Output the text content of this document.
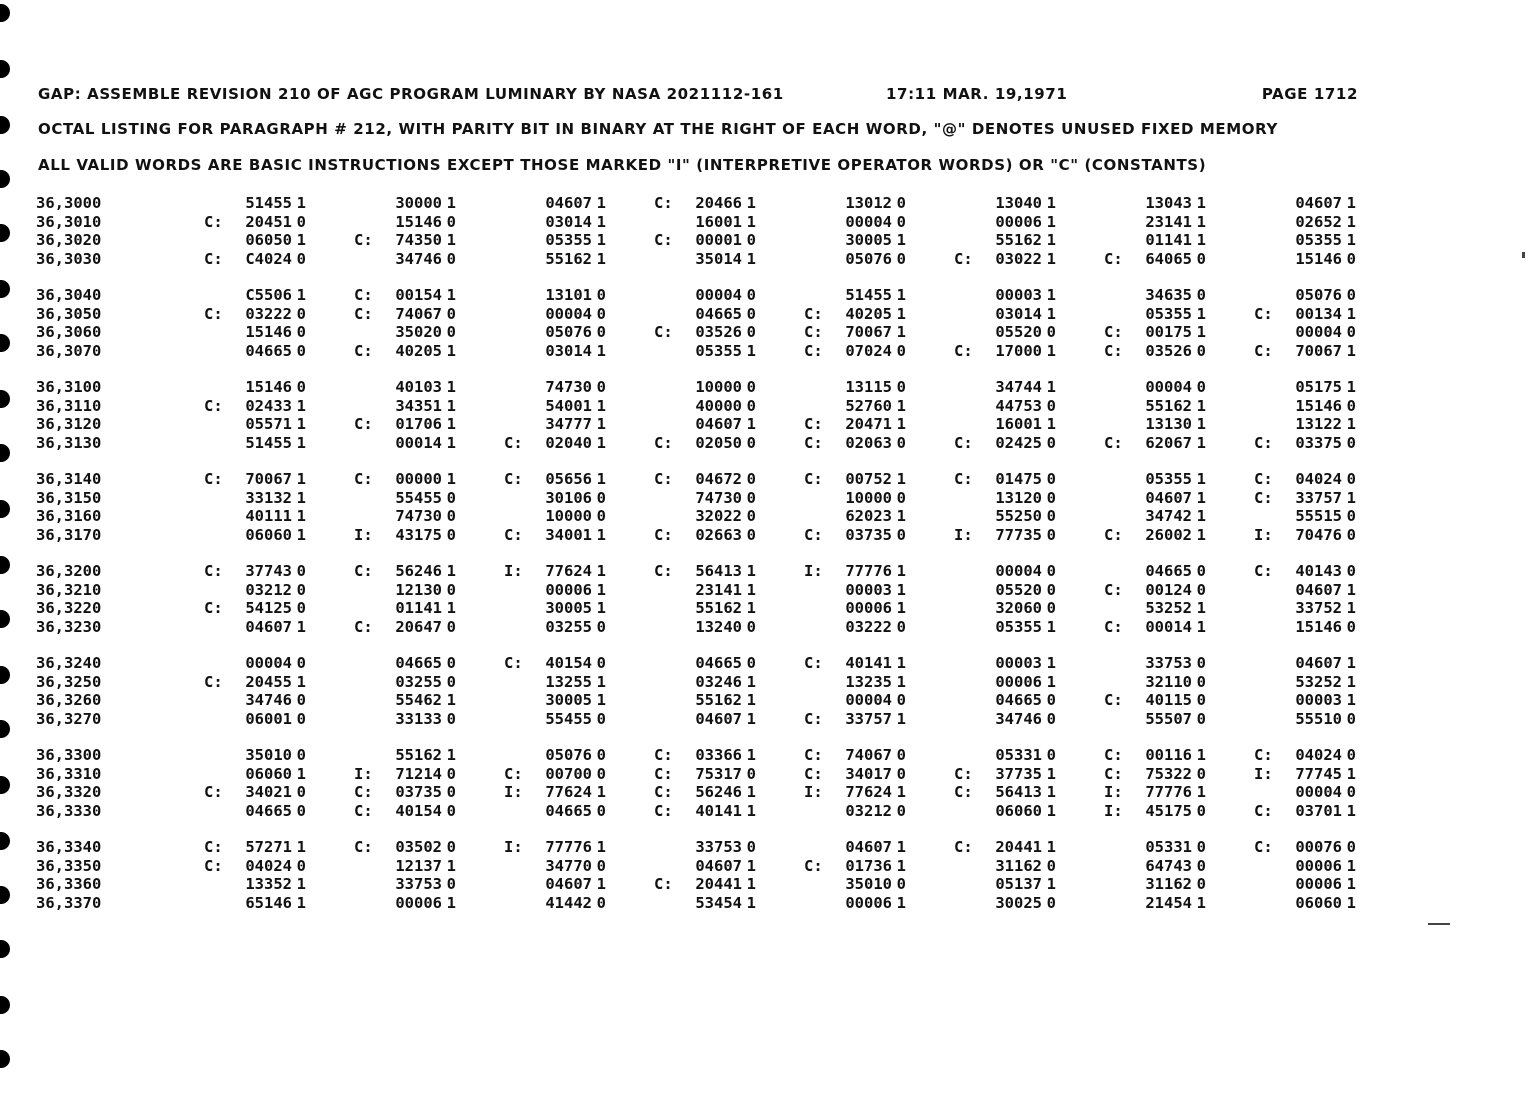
GAP: ASSEMBLE REVISION 210 OF AGC PROGRAM LUMINARY BY NASA 2021112-161	17:11 MAR. 19,1971	PAGE 1712
OCTAL LISTING FOR PARAGRAPH # 212, WITH PARITY BIT IN BINARY AT THE RIGHT OF EACH WORD, "@" DENOTES UNUSED FIXED MEMORY
ALL VALID WORDS ARE BASIC INSTRUCTIONS EXCEPT THOSE MARKED "I" (INTERPRETIVE OPERATOR WORDS) OR "C" (CONSTANTS)
36,3000	51455 1	30000 1	04607 1	C:	20466 1	13012 0	13040 1	13043 1	04607 1
36,3010	C:	20451 0	15146 0	03014 1	16001 1	00004 0	00006 1	23141 1	02652 1
36,3020	06050 1	C:	74350 1	05355 1	C:	00001 0	30005 1	55162 1	01141 1	05355 1
36,3030	C:	C4024 0	34746 0	55162 1	35014 1	05076 0	C:	03022 1	C:	64065 0	15146 0
36,3040	C5506 1	C:	00154 1	13101 0	00004 0	51455 1	00003 1	34635 0	05076 0
36,3050	C:	03222 0	C:	74067 0	00004 0	04665 0	C:	40205 1	03014 1	05355 1	C:	00134 1
36,3060	15146 0	35020 0	05076 0	C:	03526 0	C:	70067 1	05520 0	C:	00175 1	00004 0
36,3070	04665 0	C:	40205 1	03014 1	05355 1	C:	07024 0	C:	17000 1	C:	03526 0	C:	70067 1
36,3100	15146 0	40103 1	74730 0	10000 0	13115 0	34744 1	00004 0	05175 1
36,3110	C:	02433 1	34351 1	54001 1	40000 0	52760 1	44753 0	55162 1	15146 0
36,3120	05571 1	C:	01706 1	34777 1	04607 1	C:	20471 1	16001 1	13130 1	13122 1
36,3130	51455 1	00014 1	C:	02040 1	C:	02050 0	C:	02063 0	C:	02425 0	C:	62067 1	C:	03375 0
36,3140	C:	70067 1	C:	00000 1	C:	05656 1	C:	04672 0	C:	00752 1	C:	01475 0	05355 1	C:	04024 0
36,3150	33132 1	55455 0	30106 0	74730 0	10000 0	13120 0	04607 1	C:	33757 1
36,3160	40111 1	74730 0	10000 0	32022 0	62023 1	55250 0	34742 1	55515 0
36,3170	06060 1	I:	43175 0	C:	34001 1	C:	02663 0	C:	03735 0	I:	77735 0	C:	26002 1	I:	70476 0
36,3200	C:	37743 0	C:	56246 1	I:	77624 1	C:	56413 1	I:	77776 1	00004 0	04665 0	C:	40143 0
36,3210	03212 0	12130 0	00006 1	23141 1	00003 1	05520 0	C:	00124 0	04607 1
36,3220	C:	54125 0	01141 1	30005 1	55162 1	00006 1	32060 0	53252 1	33752 1
36,3230	04607 1	C:	20647 0	03255 0	13240 0	03222 0	05355 1	C:	00014 1	15146 0
36,3240	00004 0	04665 0	C:	40154 0	04665 0	C:	40141 1	00003 1	33753 0	04607 1
36,3250	C:	20455 1	03255 0	13255 1	03246 1	13235 1	00006 1	32110 0	53252 1
36,3260	34746 0	55462 1	30005 1	55162 1	00004 0	04665 0	C:	40115 0	00003 1
36,3270	06001 0	33133 0	55455 0	04607 1	C:	33757 1	34746 0	55507 0	55510 0
36,3300	35010 0	55162 1	05076 0	C:	03366 1	C:	74067 0	05331 0	C:	00116 1	C:	04024 0
36,3310	06060 1	I:	71214 0	C:	00700 0	C:	75317 0	C:	34017 0	C:	37735 1	C:	75322 0	I:	77745 1
36,3320	C:	34021 0	C:	03735 0	I:	77624 1	C:	56246 1	I:	77624 1	C:	56413 1	I:	77776 1	00004 0
36,3330	04665 0	C:	40154 0	04665 0	C:	40141 1	03212 0	06060 1	I:	45175 0	C:	03701 1
36,3340	C:	57271 1	C:	03502 0	I:	77776 1	33753 0	04607 1	C:	20441 1	05331 0	C:	00076 0
36,3350	C:	04024 0	12137 1	34770 0	04607 1	C:	01736 1	31162 0	64743 0	00006 1
36,3360	13352 1	33753 0	04607 1	C:	20441 1	35010 0	05137 1	31162 0	00006 1
36,3370	65146 1	00006 1	41442 0	53454 1	00006 1	30025 0	21454 1	06060 1
